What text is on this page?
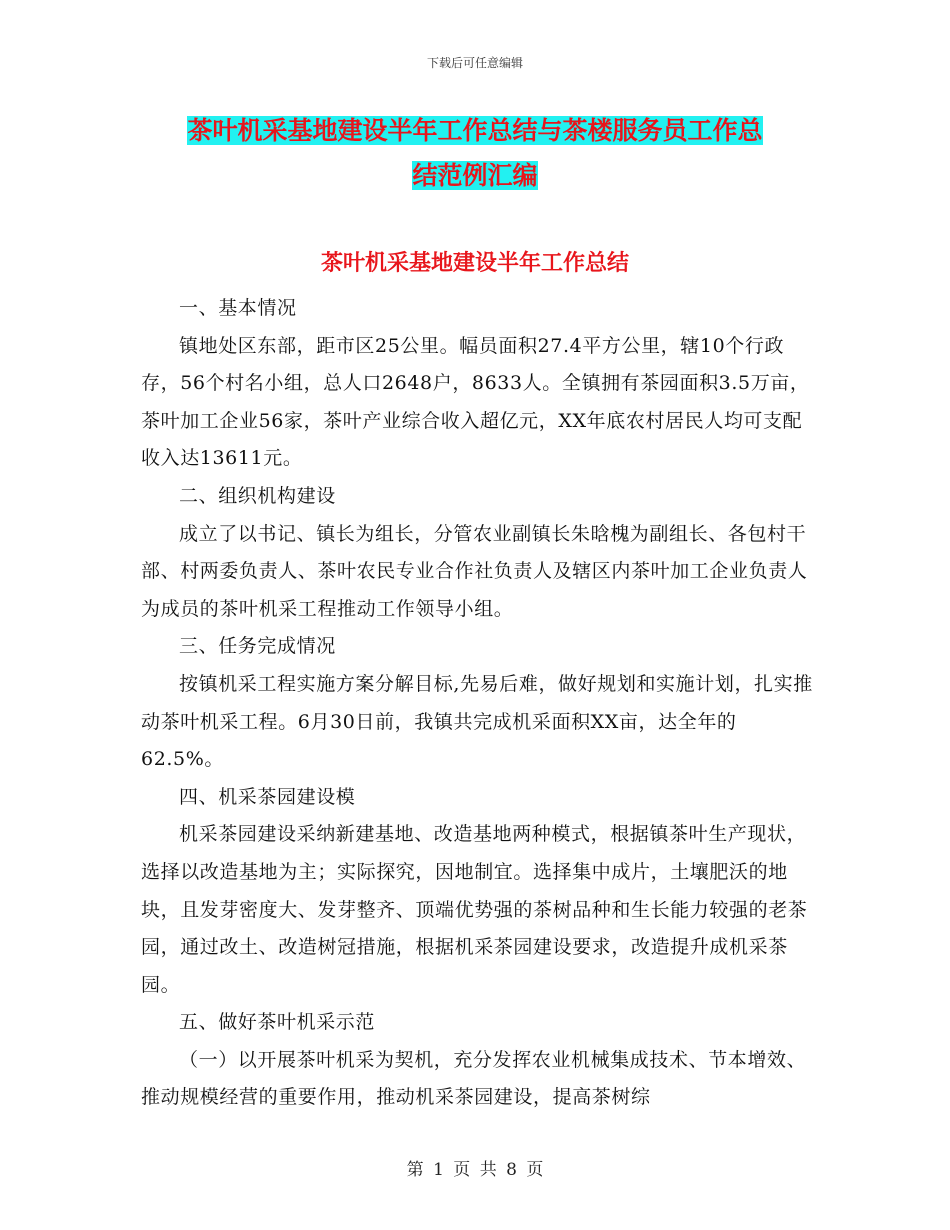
下载后可任意编辑
茶叶机采基地建设半年工作总结与茶楼服务员工作总
结范例汇编
茶叶机采基地建设半年工作总结

一、基本情况

镇地处区东部，距市区25公里。幅员面积27.4平方公里，辖10个行政存，56个村名小组，总人口2648户，8633人。全镇拥有茶园面积3.5万亩，茶叶加工企业56家，茶叶产业综合收入超亿元，XX年底农村居民人均可支配收入达13611元。

二、组织机构建设

成立了以书记、镇长为组长，分管农业副镇长朱晗槐为副组长、各包村干部、村两委负责人、茶叶农民专业合作社负责人及辖区内茶叶加工企业负责人为成员的茶叶机采工程推动工作领导小组。

三、任务完成情况

按镇机采工程实施方案分解目标,先易后难，做好规划和实施计划，扎实推动茶叶机采工程。6月30日前，我镇共完成机采面积XX亩，达全年的62.5%。

四、机采茶园建设模

机采茶园建设采纳新建基地、改造基地两种模式，根据镇茶叶生产现状，选择以改造基地为主；实际探究，因地制宜。选择集中成片，土壤肥沃的地块，且发芽密度大、发芽整齐、顶端优势强的茶树品种和生长能力较强的老茶园，通过改土、改造树冠措施，根据机采茶园建设要求，改造提升成机采茶园。

五、做好茶叶机采示范

（一）以开展茶叶机采为契机，充分发挥农业机械集成技术、节本增效、推动规模经营的重要作用，推动机采茶园建设，提高茶树综

第 1 页 共 8 页
